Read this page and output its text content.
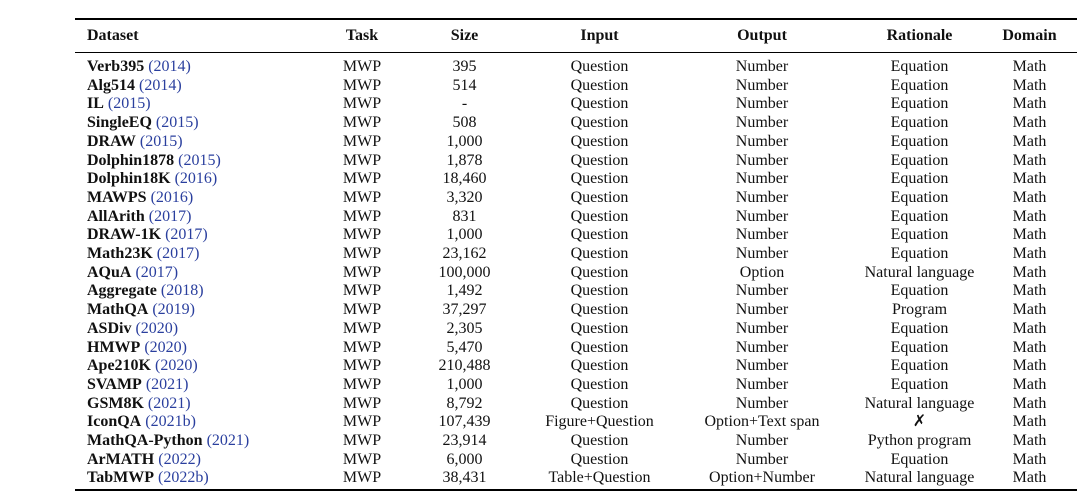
Dataset	Task	Size	Input	Output	Rationale	Domain
Verb395 (2014)	MWP	395	Question	Number	Equation	Math
Alg514 (2014)	MWP	514	Question	Number	Equation	Math
IL (2015)	MWP	-	Question	Number	Equation	Math
SingleEQ (2015)	MWP	508	Question	Number	Equation	Math
DRAW (2015)	MWP	1,000	Question	Number	Equation	Math
Dolphin1878 (2015)	MWP	1,878	Question	Number	Equation	Math
Dolphin18K (2016)	MWP	18,460	Question	Number	Equation	Math
MAWPS (2016)	MWP	3,320	Question	Number	Equation	Math
AllArith (2017)	MWP	831	Question	Number	Equation	Math
DRAW-1K (2017)	MWP	1,000	Question	Number	Equation	Math
Math23K (2017)	MWP	23,162	Question	Number	Equation	Math
AQuA (2017)	MWP	100,000	Question	Option	Natural language	Math
Aggregate (2018)	MWP	1,492	Question	Number	Equation	Math
MathQA (2019)	MWP	37,297	Question	Number	Program	Math
ASDiv (2020)	MWP	2,305	Question	Number	Equation	Math
HMWP (2020)	MWP	5,470	Question	Number	Equation	Math
Ape210K (2020)	MWP	210,488	Question	Number	Equation	Math
SVAMP (2021)	MWP	1,000	Question	Number	Equation	Math
GSM8K (2021)	MWP	8,792	Question	Number	Natural language	Math
IconQA (2021b)	MWP	107,439	Figure+Question	Option+Text span	✗	Math
MathQA-Python (2021)	MWP	23,914	Question	Number	Python program	Math
ArMATH (2022)	MWP	6,000	Question	Number	Equation	Math
TabMWP (2022b)	MWP	38,431	Table+Question	Option+Number	Natural language	Math
